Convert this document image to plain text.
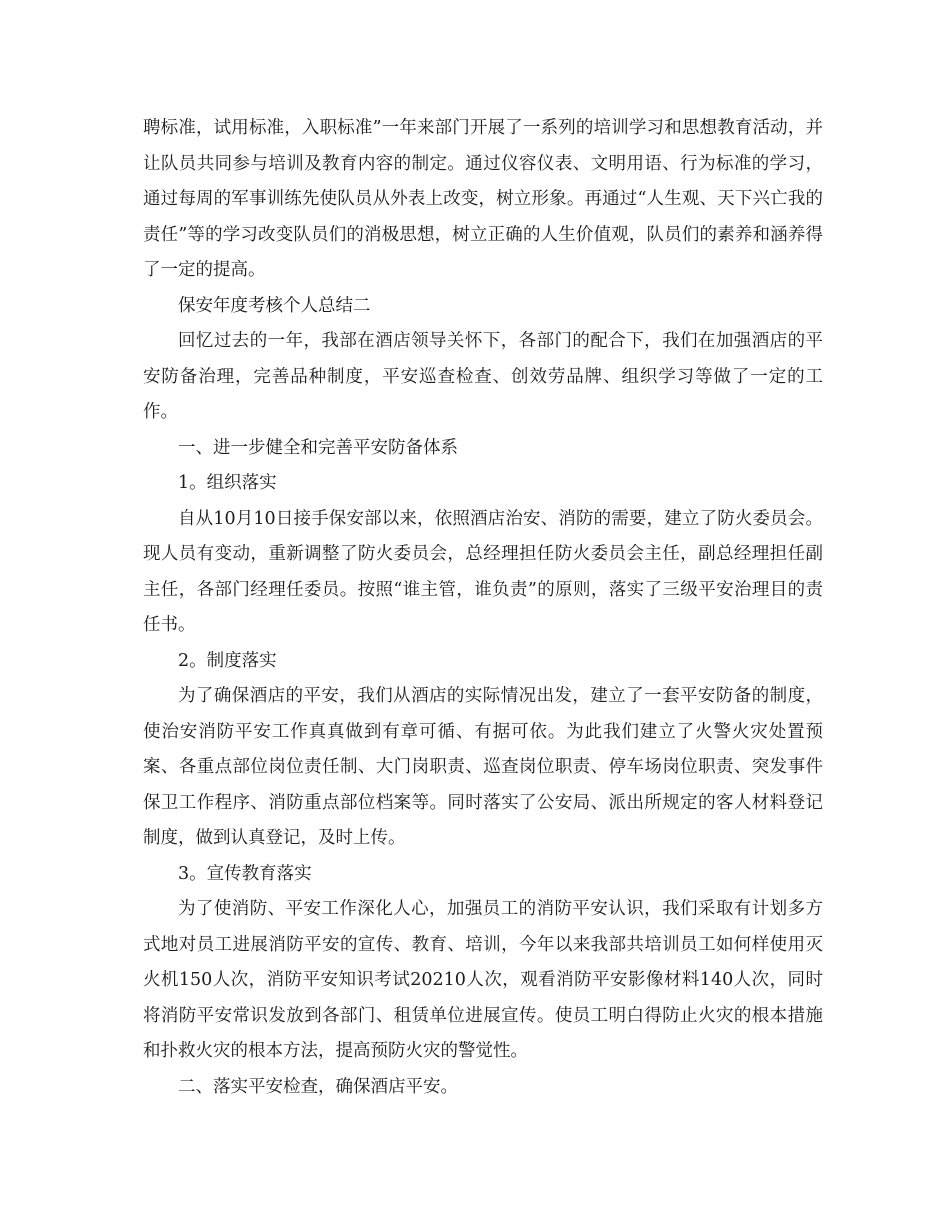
聘标准，试用标准，入职标准”一年来部门开展了一系列的培训学习和思想教育活动，并让队员共同参与培训及教育内容的制定。通过仪容仪表、文明用语、行为标准的学习，通过每周的军事训练先使队员从外表上改变，树立形象。再通过“人生观、天下兴亡我的责任”等的学习改变队员们的消极思想，树立正确的人生价值观，队员们的素养和涵养得了一定的提高。

保安年度考核个人总结二

回忆过去的一年，我部在酒店领导关怀下，各部门的配合下，我们在加强酒店的平安防备治理，完善品种制度，平安巡查检查、创效劳品牌、组织学习等做了一定的工作。

一、进一步健全和完善平安防备体系

1。组织落实

自从10月10日接手保安部以来，依照酒店治安、消防的需要，建立了防火委员会。现人员有变动，重新调整了防火委员会，总经理担任防火委员会主任，副总经理担任副主任，各部门经理任委员。按照“谁主管，谁负责”的原则，落实了三级平安治理目的责任书。

2。制度落实

为了确保酒店的平安，我们从酒店的实际情况出发，建立了一套平安防备的制度，使治安消防平安工作真真做到有章可循、有据可依。为此我们建立了火警火灾处置预案、各重点部位岗位责任制、大门岗职责、巡查岗位职责、停车场岗位职责、突发事件保卫工作程序、消防重点部位档案等。同时落实了公安局、派出所规定的客人材料登记制度，做到认真登记，及时上传。

3。宣传教育落实

为了使消防、平安工作深化人心，加强员工的消防平安认识，我们采取有计划多方式地对员工进展消防平安的宣传、教育、培训，今年以来我部共培训员工如何样使用灭火机150人次，消防平安知识考试20210人次，观看消防平安影像材料140人次，同时将消防平安常识发放到各部门、租赁单位进展宣传。使员工明白得防止火灾的根本措施和扑救火灾的根本方法，提高预防火灾的警觉性。

二、落实平安检查，确保酒店平安。
